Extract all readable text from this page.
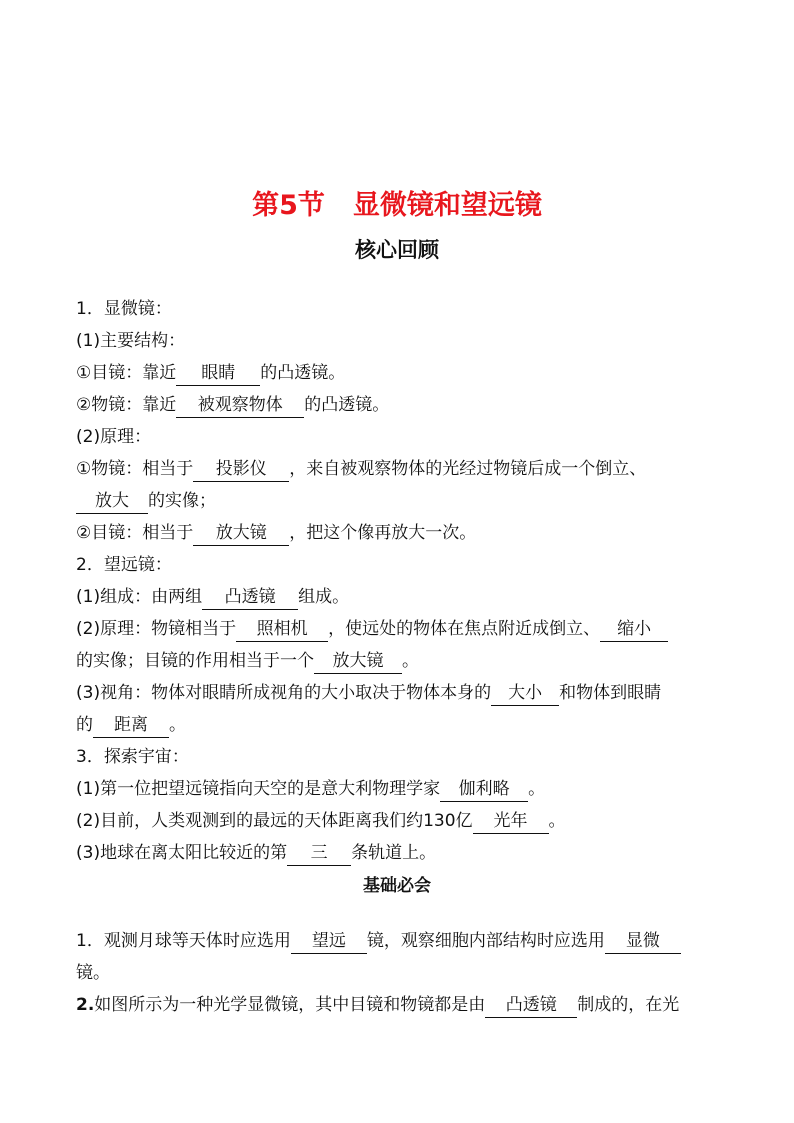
第5节 显微镜和望远镜
核心回顾
1．显微镜：
(1)主要结构：
①目镜：靠近 眼睛 的凸透镜。
②物镜：靠近 被观察物体 的凸透镜。
(2)原理：
①物镜：相当于 投影仪 ，来自被观察物体的光经过物镜后成一个倒立、
放大 的实像；
②目镜：相当于 放大镜 ，把这个像再放大一次。
2．望远镜：
(1)组成：由两组 凸透镜 组成。
(2)原理：物镜相当于 照相机 ，使远处的物体在焦点附近成倒立、 缩小
的实像；目镜的作用相当于一个 放大镜 。
(3)视角：物体对眼睛所成视角的大小取决于物体本身的 大小 和物体到眼睛
的 距离 。
3．探索宇宙：
(1)第一位把望远镜指向天空的是意大利物理学家 伽利略 。
(2)目前，人类观测到的最远的天体距离我们约130亿 光年 。
(3)地球在离太阳比较近的第 三 条轨道上。
基础必会
1．观测月球等天体时应选用 望远 镜，观察细胞内部结构时应选用 显微
镜。
2.如图所示为一种光学显微镜，其中目镜和物镜都是由 凸透镜 制成的，在光
